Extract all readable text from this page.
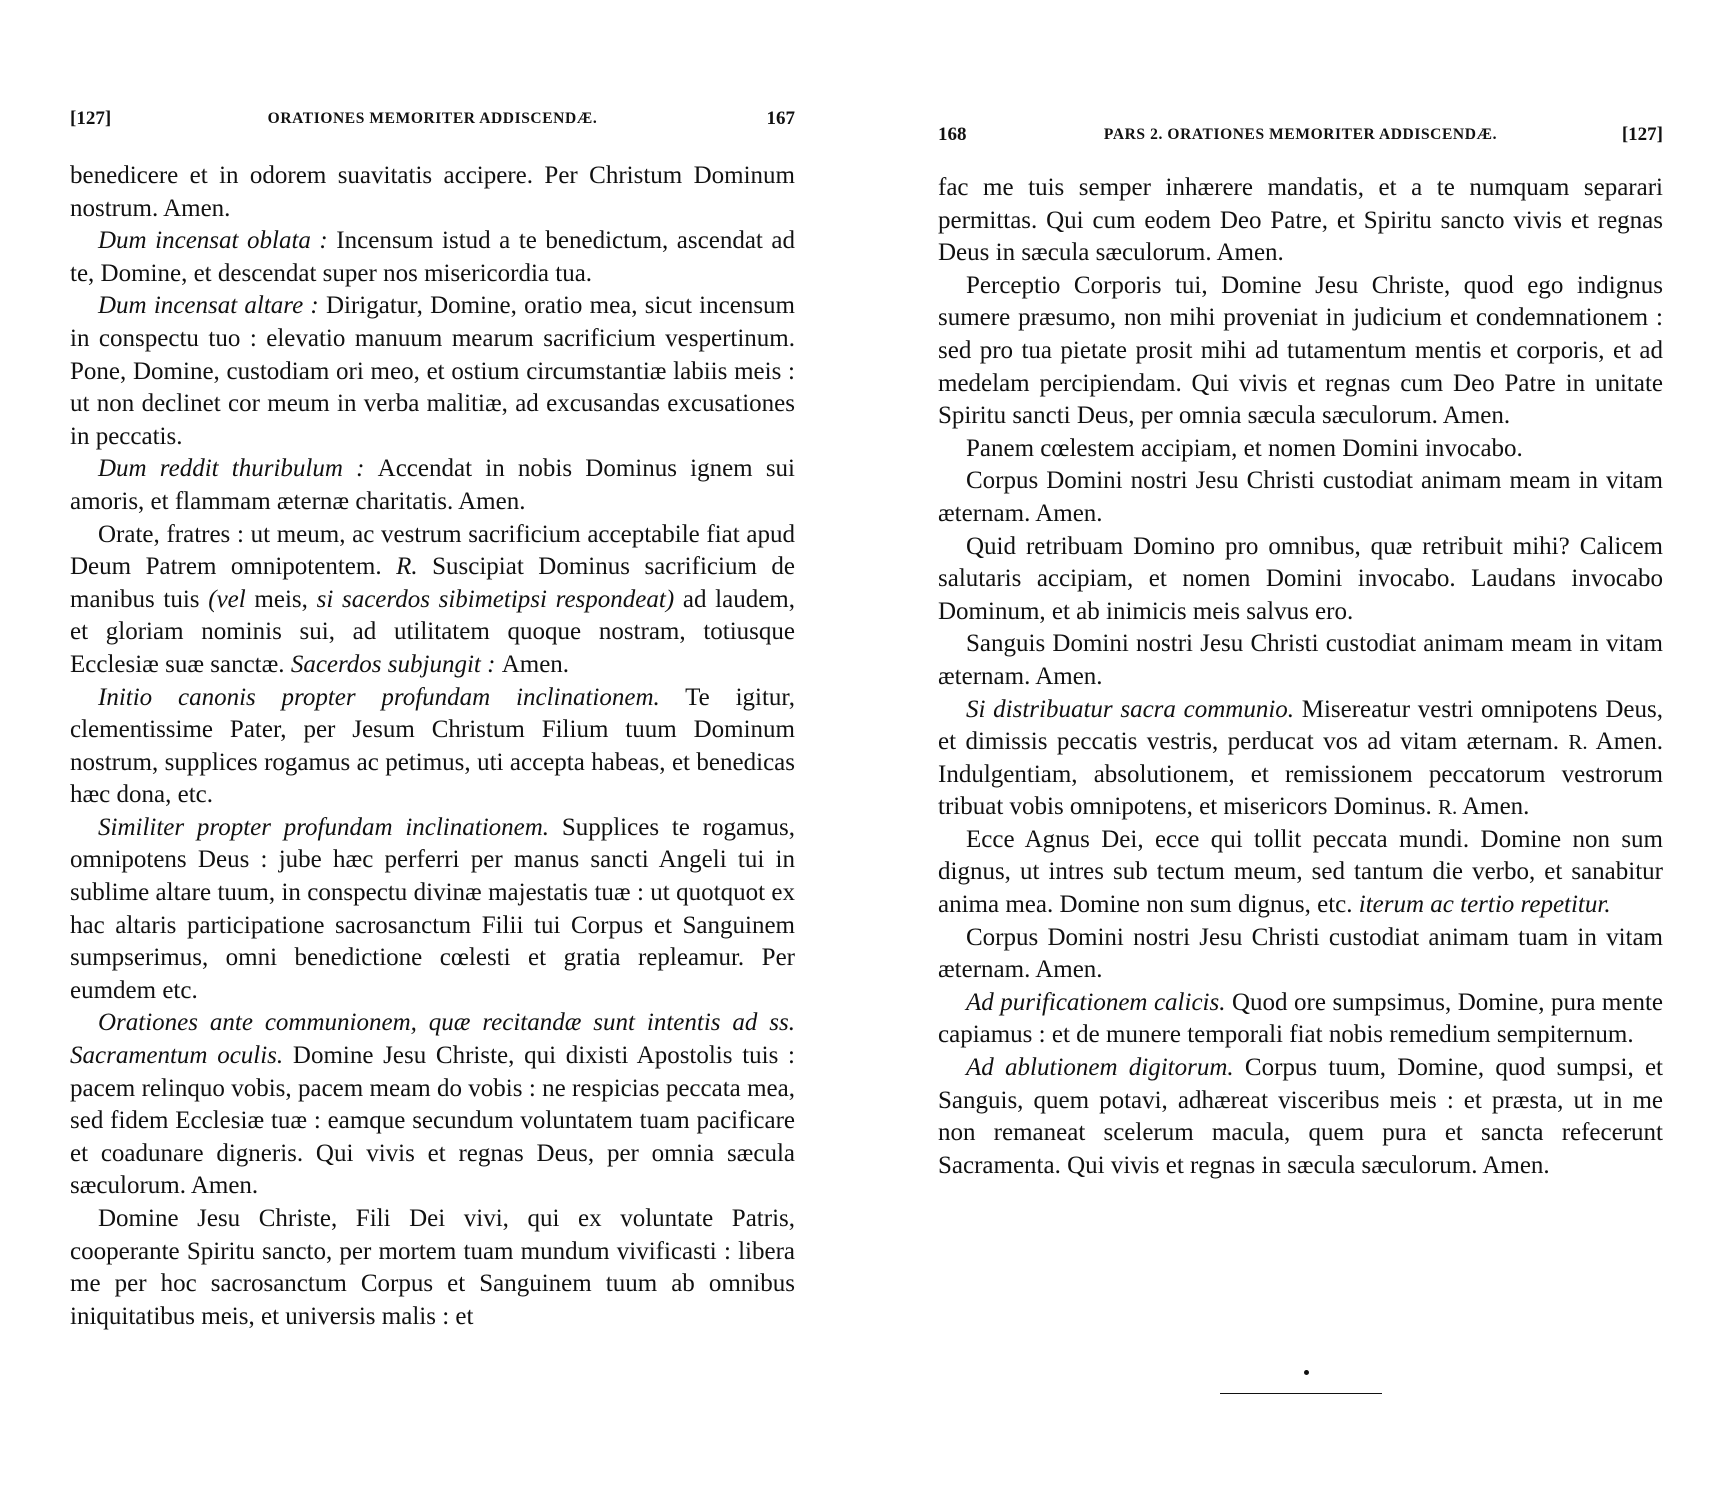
[127]	ORATIONES MEMORITER ADDISCENDÆ.	167

benedicere et in odorem suavitatis accipere. Per Christum Dominum nostrum. Amen.

Dum incensat oblata : Incensum istud a te benedictum, ascendat ad te, Domine, et descendat super nos misericordia tua.

Dum incensat altare : Dirigatur, Domine, oratio mea, sicut incensum in conspectu tuo : elevatio manuum mearum sacrificium vespertinum. Pone, Domine, custodiam ori meo, et ostium circumstantiæ labiis meis : ut non declinet cor meum in verba malitiæ, ad excusandas excusationes in peccatis.

Dum reddit thuribulum : Accendat in nobis Dominus ignem sui amoris, et flammam æternæ charitatis. Amen.

Orate, fratres : ut meum, ac vestrum sacrificium acceptabile fiat apud Deum Patrem omnipotentem. R. Suscipiat Dominus sacrificium de manibus tuis (vel meis, si sacerdos sibimetipsi respondeat) ad laudem, et gloriam nominis sui, ad utilitatem quoque nostram, totiusque Ecclesiæ suæ sanctæ. Sacerdos subjungit : Amen.

Initio canonis propter profundam inclinationem. Te igitur, clementissime Pater, per Jesum Christum Filium tuum Dominum nostrum, supplices rogamus ac petimus, uti accepta habeas, et benedicas hæc dona, etc.

Similiter propter profundam inclinationem. Supplices te rogamus, omnipotens Deus : jube hæc perferri per manus sancti Angeli tui in sublime altare tuum, in conspectu divinæ majestatis tuæ : ut quotquot ex hac altaris participatione sacrosanctum Filii tui Corpus et Sanguinem sumpserimus, omni benedictione cœlesti et gratia repleamur. Per eumdem etc.

Orationes ante communionem, quæ recitandæ sunt intentis ad ss. Sacramentum oculis. Domine Jesu Christe, qui dixisti Apostolis tuis : pacem relinquo vobis, pacem meam do vobis : ne respicias peccata mea, sed fidem Ecclesiæ tuæ : eamque secundum voluntatem tuam pacificare et coadunare digneris. Qui vivis et regnas Deus, per omnia sæcula sæculorum. Amen.

Domine Jesu Christe, Fili Dei vivi, qui ex voluntate Patris, cooperante Spiritu sancto, per mortem tuam mundum vivificasti : libera me per hoc sacrosanctum Corpus et Sanguinem tuum ab omnibus iniquitatibus meis, et universis malis : et

168	PARS 2. ORATIONES MEMORITER ADDISCENDÆ.	[127]

fac me tuis semper inhærere mandatis, et a te numquam separari permittas. Qui cum eodem Deo Patre, et Spiritu sancto vivis et regnas Deus in sæcula sæculorum. Amen.

Perceptio Corporis tui, Domine Jesu Christe, quod ego indignus sumere præsumo, non mihi proveniat in judicium et condemnationem : sed pro tua pietate prosit mihi ad tutamentum mentis et corporis, et ad medelam percipiendam. Qui vivis et regnas cum Deo Patre in unitate Spiritu sancti Deus, per omnia sæcula sæculorum. Amen.

Panem cœlestem accipiam, et nomen Domini invocabo.

Corpus Domini nostri Jesu Christi custodiat animam meam in vitam æternam. Amen.

Quid retribuam Domino pro omnibus, quæ retribuit mihi? Calicem salutaris accipiam, et nomen Domini invocabo. Laudans invocabo Dominum, et ab inimicis meis salvus ero.

Sanguis Domini nostri Jesu Christi custodiat animam meam in vitam æternam. Amen.

Si distribuatur sacra communio. Misereatur vestri omnipotens Deus, et dimissis peccatis vestris, perducat vos ad vitam æternam. R. Amen. Indulgentiam, absolutionem, et remissionem peccatorum vestrorum tribuat vobis omnipotens, et misericors Dominus. R. Amen.

Ecce Agnus Dei, ecce qui tollit peccata mundi. Domine non sum dignus, ut intres sub tectum meum, sed tantum die verbo, et sanabitur anima mea. Domine non sum dignus, etc. iterum ac tertio repetitur.

Corpus Domini nostri Jesu Christi custodiat animam tuam in vitam æternam. Amen.

Ad purificationem calicis. Quod ore sumpsimus, Domine, pura mente capiamus : et de munere temporali fiat nobis remedium sempiternum.

Ad ablutionem digitorum. Corpus tuum, Domine, quod sumpsi, et Sanguis, quem potavi, adhæreat visceribus meis : et præsta, ut in me non remaneat scelerum macula, quem pura et sancta refecerunt Sacramenta. Qui vivis et regnas in sæcula sæculorum. Amen.
